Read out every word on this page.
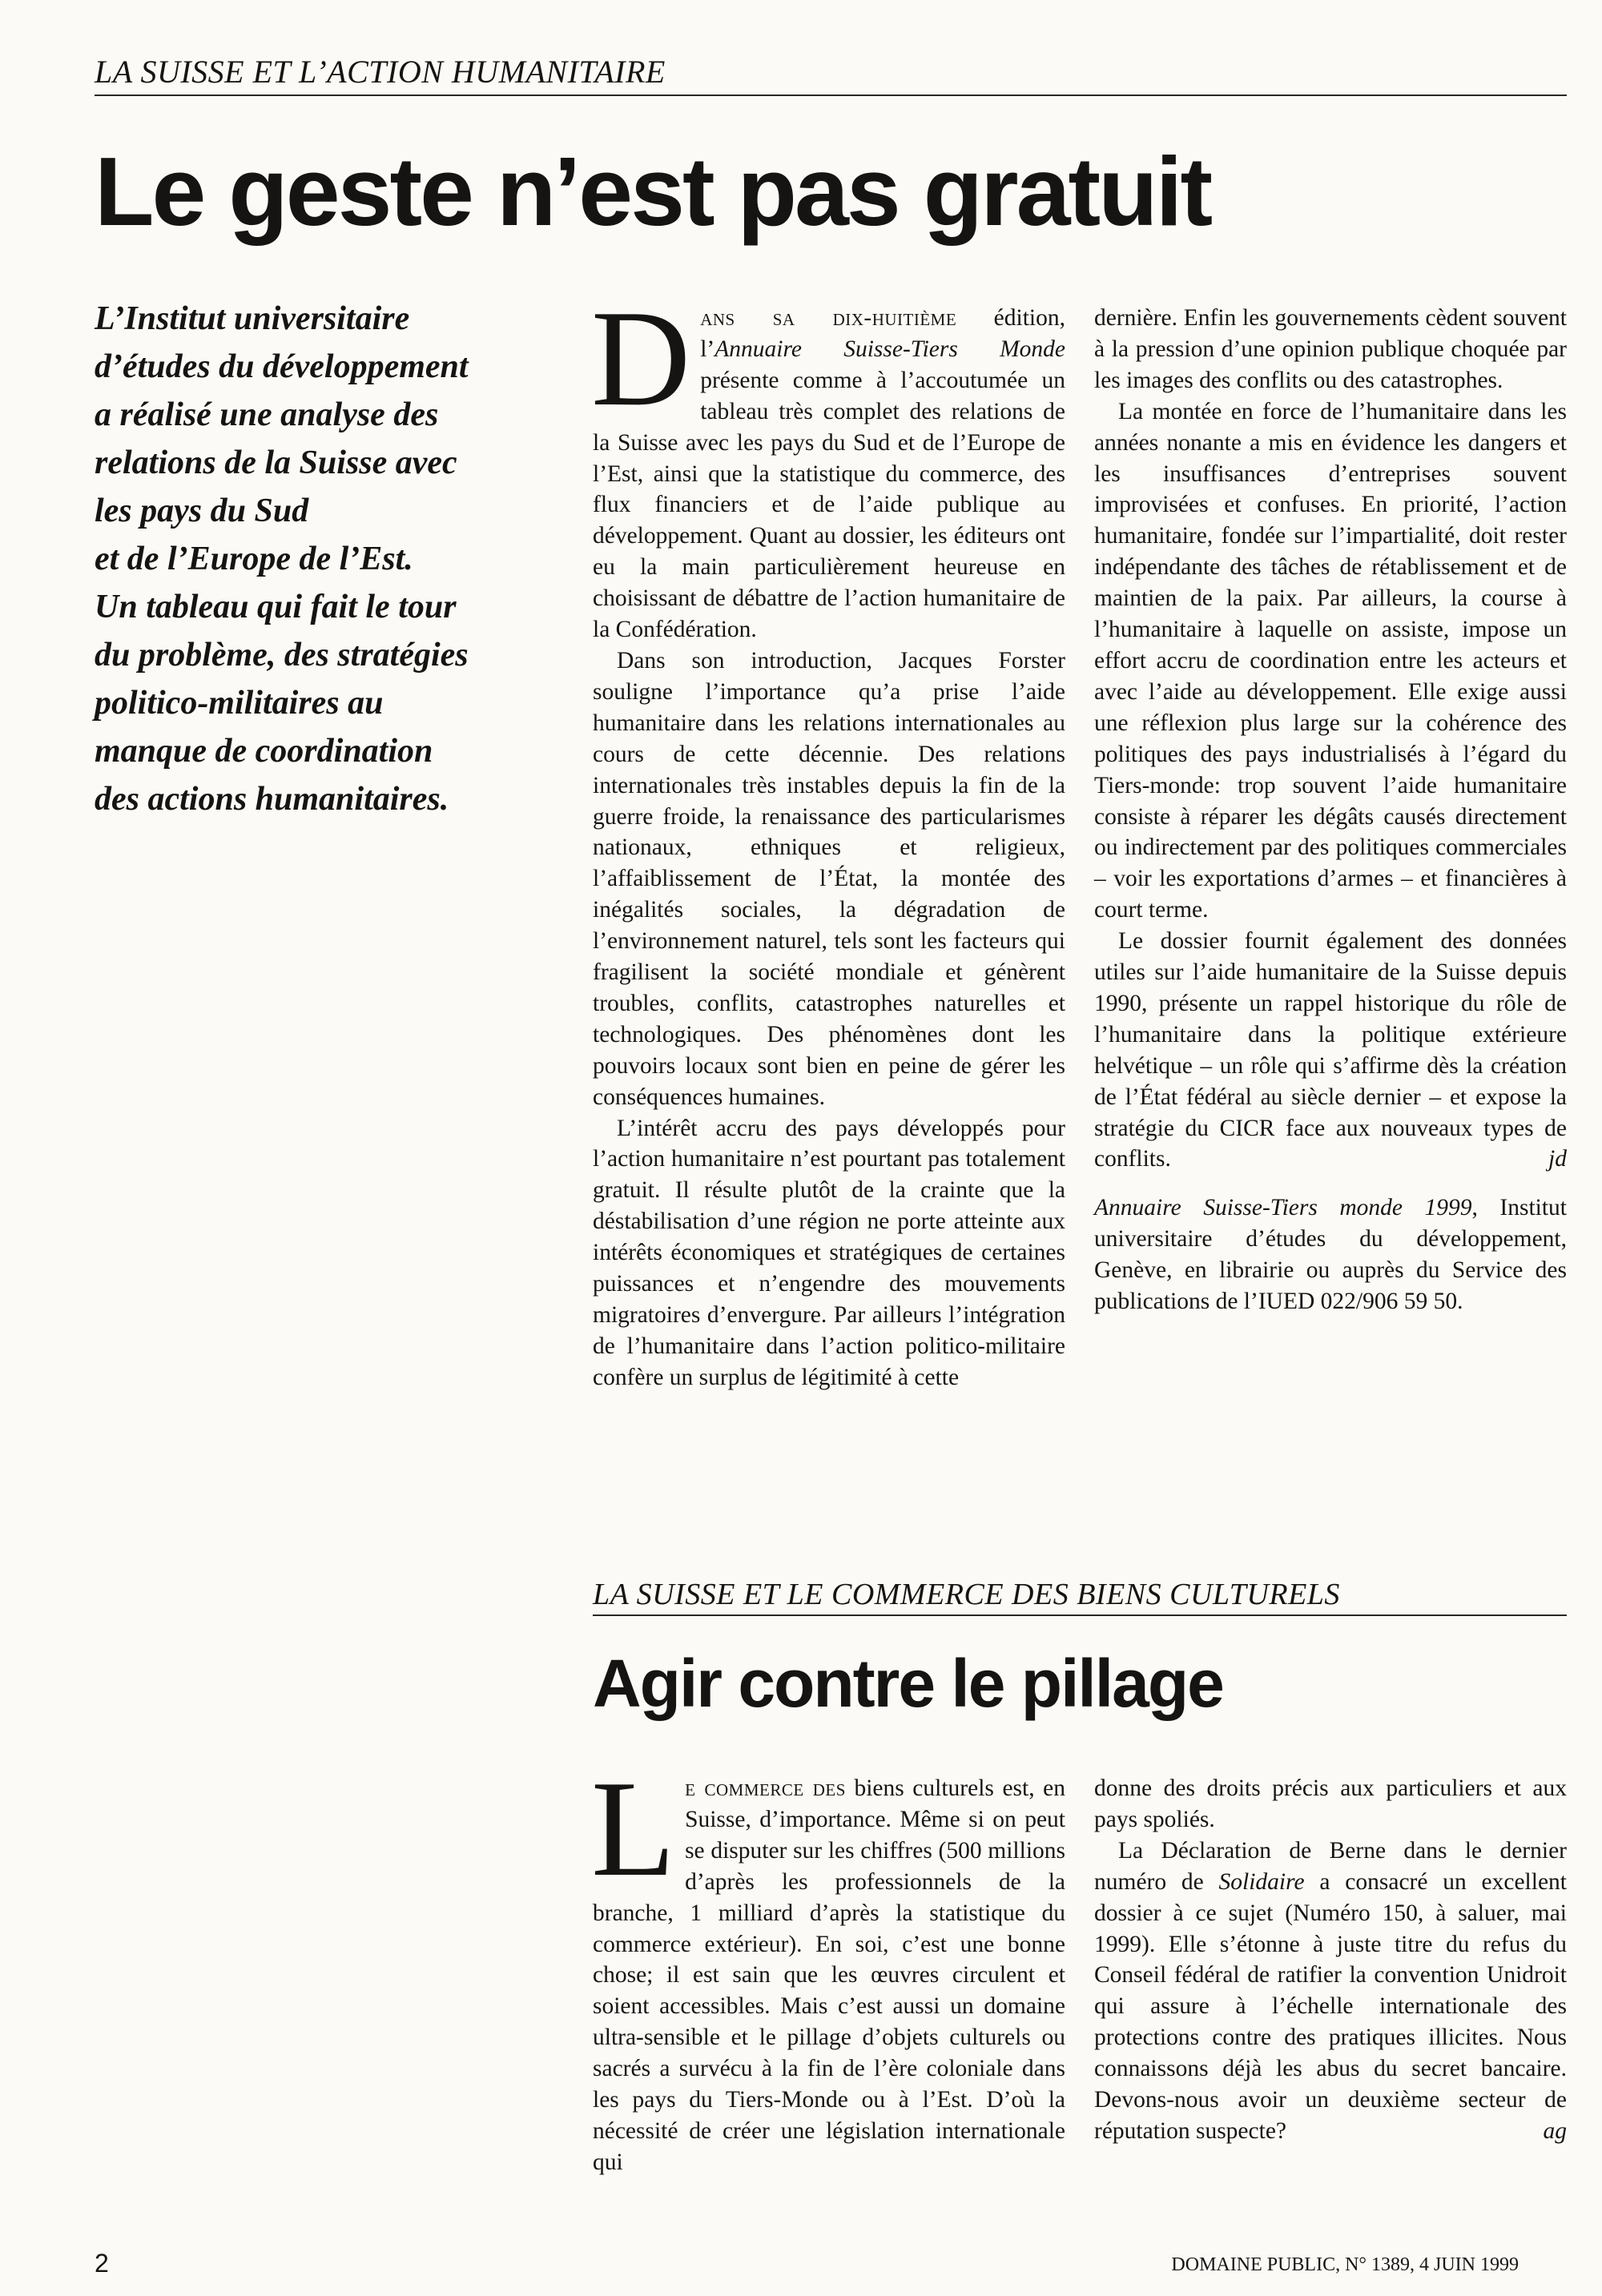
LA SUISSE ET L’ACTION HUMANITAIRE
Le geste n’est pas gratuit

L’Institut universitaire

d’études du développement

a réalisé une analyse des

relations de la Suisse avec

les pays du Sud

et de l’Europe de l’Est.

Un tableau qui fait le tour

du problème, des stratégies

politico-militaires au

manque de coordination

des actions humanitaires.

Dans sa dix-huitième édition, l’Annuaire Suisse-Tiers Monde présente comme à l’accoutumée un tableau très complet des relations de la Suisse avec les pays du Sud et de l’Europe de l’Est, ainsi que la statistique du commerce, des flux financiers et de l’aide publique au développement. Quant au dossier, les éditeurs ont eu la main particulièrement heureuse en choisissant de débattre de l’action humanitaire de la Confédération.

Dans son introduction, Jacques Forster souligne l’importance qu’a prise l’aide humanitaire dans les relations internationales au cours de cette décennie. Des relations internationales très instables depuis la fin de la guerre froide, la renaissance des particularismes nationaux, ethniques et religieux, l’affaiblissement de l’État, la montée des inégalités sociales, la dégradation de l’environnement naturel, tels sont les facteurs qui fragilisent la société mondiale et génèrent troubles, conflits, catastrophes naturelles et technologiques. Des phénomènes dont les pouvoirs locaux sont bien en peine de gérer les conséquences humaines.

L’intérêt accru des pays développés pour l’action humanitaire n’est pourtant pas totalement gratuit. Il résulte plutôt de la crainte que la déstabilisation d’une région ne porte atteinte aux intérêts économiques et stratégiques de certaines puissances et n’engendre des mouvements migratoires d’envergure. Par ailleurs l’intégration de l’humanitaire dans l’action politico-militaire confère un surplus de légitimité à cette

dernière. Enfin les gouvernements cèdent souvent à la pression d’une opinion publique choquée par les images des conflits ou des catastrophes.

La montée en force de l’humanitaire dans les années nonante a mis en évidence les dangers et les insuffisances d’entreprises souvent improvisées et confuses. En priorité, l’action humanitaire, fondée sur l’impartialité, doit rester indépendante des tâches de rétablissement et de maintien de la paix. Par ailleurs, la course à l’humanitaire à laquelle on assiste, impose un effort accru de coordination entre les acteurs et avec l’aide au développement. Elle exige aussi une réflexion plus large sur la cohérence des politiques des pays industrialisés à l’égard du Tiers-monde: trop souvent l’aide humanitaire consiste à réparer les dégâts causés directement ou indirectement par des politiques commerciales – voir les exportations d’armes – et financières à court terme.

Le dossier fournit également des données utiles sur l’aide humanitaire de la Suisse depuis 1990, présente un rappel historique du rôle de l’humanitaire dans la politique extérieure helvétique – un rôle qui s’affirme dès la création de l’État fédéral au siècle dernier – et expose la stratégie du CICR face aux nouveaux types de conflits.	jd

Annuaire Suisse-Tiers monde 1999, Institut universitaire d’études du développement, Genève, en librairie ou auprès du Service des publications de l’IUED 022/906 59 50.

LA SUISSE ET LE COMMERCE DES BIENS CULTURELS
Agir contre le pillage

Le commerce des biens culturels est, en Suisse, d’importance. Même si on peut se disputer sur les chiffres (500 millions d’après les professionnels de la branche, 1 milliard d’après la statistique du commerce extérieur). En soi, c’est une bonne chose; il est sain que les œuvres circulent et soient accessibles. Mais c’est aussi un domaine ultra-sensible et le pillage d’objets culturels ou sacrés a survécu à la fin de l’ère coloniale dans les pays du Tiers-Monde ou à l’Est. D’où la nécessité de créer une législation internationale qui

donne des droits précis aux particuliers et aux pays spoliés.

La Déclaration de Berne dans le dernier numéro de Solidaire a consacré un excellent dossier à ce sujet (Numéro 150, à saluer, mai 1999). Elle s’étonne à juste titre du refus du Conseil fédéral de ratifier la convention Unidroit qui assure à l’échelle internationale des protections contre des pratiques illicites. Nous connaissons déjà les abus du secret bancaire. Devons-nous avoir un deuxième secteur de réputation suspecte?	ag

2	DOMAINE PUBLIC, N° 1389, 4 JUIN 1999
